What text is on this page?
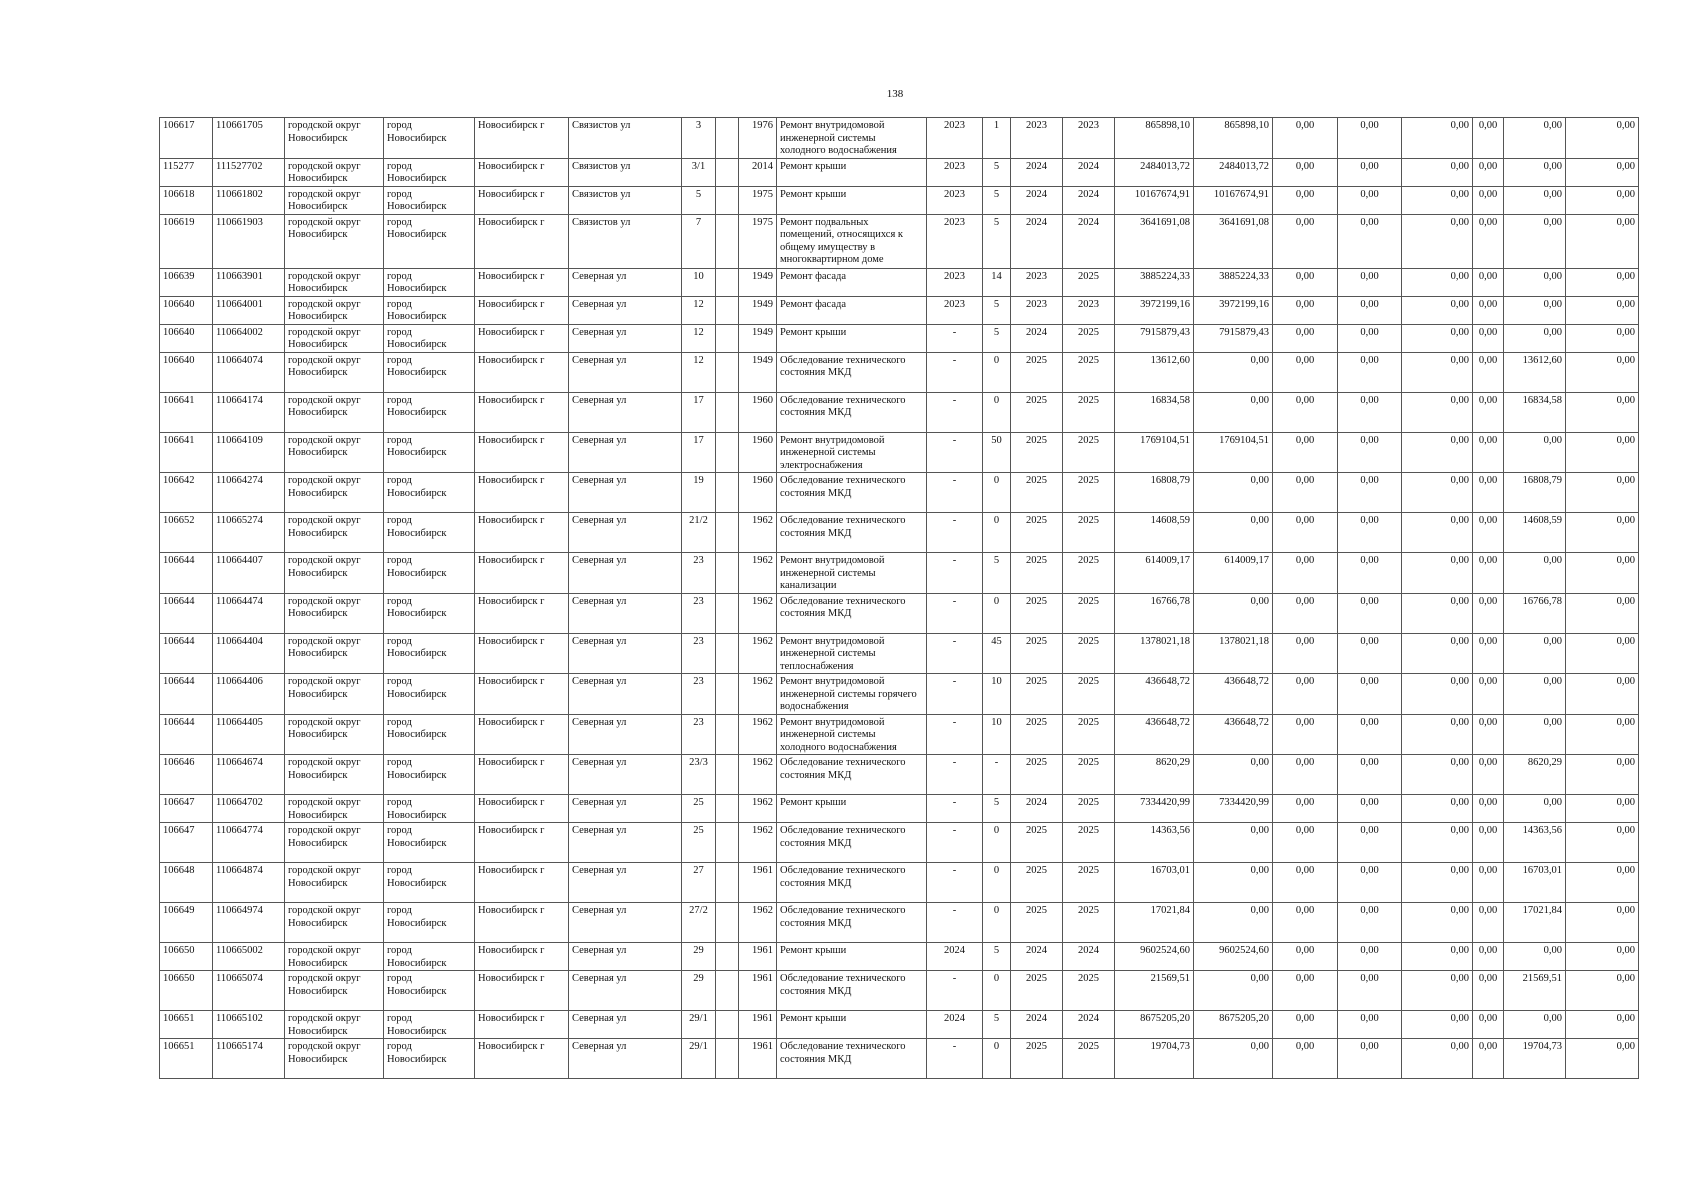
138
106617	110661705	городской округ Новосибирск	город Новосибирск	Новосибирск г	Связистов ул	3		1976	Ремонт внутридомовой инженерной системы холодного водоснабжения	2023	1	2023	2023	865898,10	865898,10	0,00	0,00	0,00	0,00	0,00	0,00
115277	111527702	городской округ Новосибирск	город Новосибирск	Новосибирск г	Связистов ул	3/1		2014	Ремонт крыши	2023	5	2024	2024	2484013,72	2484013,72	0,00	0,00	0,00	0,00	0,00	0,00
106618	110661802	городской округ Новосибирск	город Новосибирск	Новосибирск г	Связистов ул	5		1975	Ремонт крыши	2023	5	2024	2024	10167674,91	10167674,91	0,00	0,00	0,00	0,00	0,00	0,00
106619	110661903	городской округ Новосибирск	город Новосибирск	Новосибирск г	Связистов ул	7		1975	Ремонт подвальных помещений, относящихся к общему имуществу в многоквартирном доме	2023	5	2024	2024	3641691,08	3641691,08	0,00	0,00	0,00	0,00	0,00	0,00
106639	110663901	городской округ Новосибирск	город Новосибирск	Новосибирск г	Северная ул	10		1949	Ремонт фасада	2023	14	2023	2025	3885224,33	3885224,33	0,00	0,00	0,00	0,00	0,00	0,00
106640	110664001	городской округ Новосибирск	город Новосибирск	Новосибирск г	Северная ул	12		1949	Ремонт фасада	2023	5	2023	2023	3972199,16	3972199,16	0,00	0,00	0,00	0,00	0,00	0,00
106640	110664002	городской округ Новосибирск	город Новосибирск	Новосибирск г	Северная ул	12		1949	Ремонт крыши	-	5	2024	2025	7915879,43	7915879,43	0,00	0,00	0,00	0,00	0,00	0,00
106640	110664074	городской округ Новосибирск	город Новосибирск	Новосибирск г	Северная ул	12		1949	Обследование технического состояния МКД	-	0	2025	2025	13612,60	0,00	0,00	0,00	0,00	0,00	13612,60	0,00
106641	110664174	городской округ Новосибирск	город Новосибирск	Новосибирск г	Северная ул	17		1960	Обследование технического состояния МКД	-	0	2025	2025	16834,58	0,00	0,00	0,00	0,00	0,00	16834,58	0,00
106641	110664109	городской округ Новосибирск	город Новосибирск	Новосибирск г	Северная ул	17		1960	Ремонт внутридомовой инженерной системы электроснабжения	-	50	2025	2025	1769104,51	1769104,51	0,00	0,00	0,00	0,00	0,00	0,00
106642	110664274	городской округ Новосибирск	город Новосибирск	Новосибирск г	Северная ул	19		1960	Обследование технического состояния МКД	-	0	2025	2025	16808,79	0,00	0,00	0,00	0,00	0,00	16808,79	0,00
106652	110665274	городской округ Новосибирск	город Новосибирск	Новосибирск г	Северная ул	21/2		1962	Обследование технического состояния МКД	-	0	2025	2025	14608,59	0,00	0,00	0,00	0,00	0,00	14608,59	0,00
106644	110664407	городской округ Новосибирск	город Новосибирск	Новосибирск г	Северная ул	23		1962	Ремонт внутридомовой инженерной системы канализации	-	5	2025	2025	614009,17	614009,17	0,00	0,00	0,00	0,00	0,00	0,00
106644	110664474	городской округ Новосибирск	город Новосибирск	Новосибирск г	Северная ул	23		1962	Обследование технического состояния МКД	-	0	2025	2025	16766,78	0,00	0,00	0,00	0,00	0,00	16766,78	0,00
106644	110664404	городской округ Новосибирск	город Новосибирск	Новосибирск г	Северная ул	23		1962	Ремонт внутридомовой инженерной системы теплоснабжения	-	45	2025	2025	1378021,18	1378021,18	0,00	0,00	0,00	0,00	0,00	0,00
106644	110664406	городской округ Новосибирск	город Новосибирск	Новосибирск г	Северная ул	23		1962	Ремонт внутридомовой инженерной системы горячего водоснабжения	-	10	2025	2025	436648,72	436648,72	0,00	0,00	0,00	0,00	0,00	0,00
106644	110664405	городской округ Новосибирск	город Новосибирск	Новосибирск г	Северная ул	23		1962	Ремонт внутридомовой инженерной системы холодного водоснабжения	-	10	2025	2025	436648,72	436648,72	0,00	0,00	0,00	0,00	0,00	0,00
106646	110664674	городской округ Новосибирск	город Новосибирск	Новосибирск г	Северная ул	23/3		1962	Обследование технического состояния МКД	-	-	2025	2025	8620,29	0,00	0,00	0,00	0,00	0,00	8620,29	0,00
106647	110664702	городской округ Новосибирск	город Новосибирск	Новосибирск г	Северная ул	25		1962	Ремонт крыши	-	5	2024	2025	7334420,99	7334420,99	0,00	0,00	0,00	0,00	0,00	0,00
106647	110664774	городской округ Новосибирск	город Новосибирск	Новосибирск г	Северная ул	25		1962	Обследование технического состояния МКД	-	0	2025	2025	14363,56	0,00	0,00	0,00	0,00	0,00	14363,56	0,00
106648	110664874	городской округ Новосибирск	город Новосибирск	Новосибирск г	Северная ул	27		1961	Обследование технического состояния МКД	-	0	2025	2025	16703,01	0,00	0,00	0,00	0,00	0,00	16703,01	0,00
106649	110664974	городской округ Новосибирск	город Новосибирск	Новосибирск г	Северная ул	27/2		1962	Обследование технического состояния МКД	-	0	2025	2025	17021,84	0,00	0,00	0,00	0,00	0,00	17021,84	0,00
106650	110665002	городской округ Новосибирск	город Новосибирск	Новосибирск г	Северная ул	29		1961	Ремонт крыши	2024	5	2024	2024	9602524,60	9602524,60	0,00	0,00	0,00	0,00	0,00	0,00
106650	110665074	городской округ Новосибирск	город Новосибирск	Новосибирск г	Северная ул	29		1961	Обследование технического состояния МКД	-	0	2025	2025	21569,51	0,00	0,00	0,00	0,00	0,00	21569,51	0,00
106651	110665102	городской округ Новосибирск	город Новосибирск	Новосибирск г	Северная ул	29/1		1961	Ремонт крыши	2024	5	2024	2024	8675205,20	8675205,20	0,00	0,00	0,00	0,00	0,00	0,00
106651	110665174	городской округ Новосибирск	город Новосибирск	Новосибирск г	Северная ул	29/1		1961	Обследование технического состояния МКД	-	0	2025	2025	19704,73	0,00	0,00	0,00	0,00	0,00	19704,73	0,00
